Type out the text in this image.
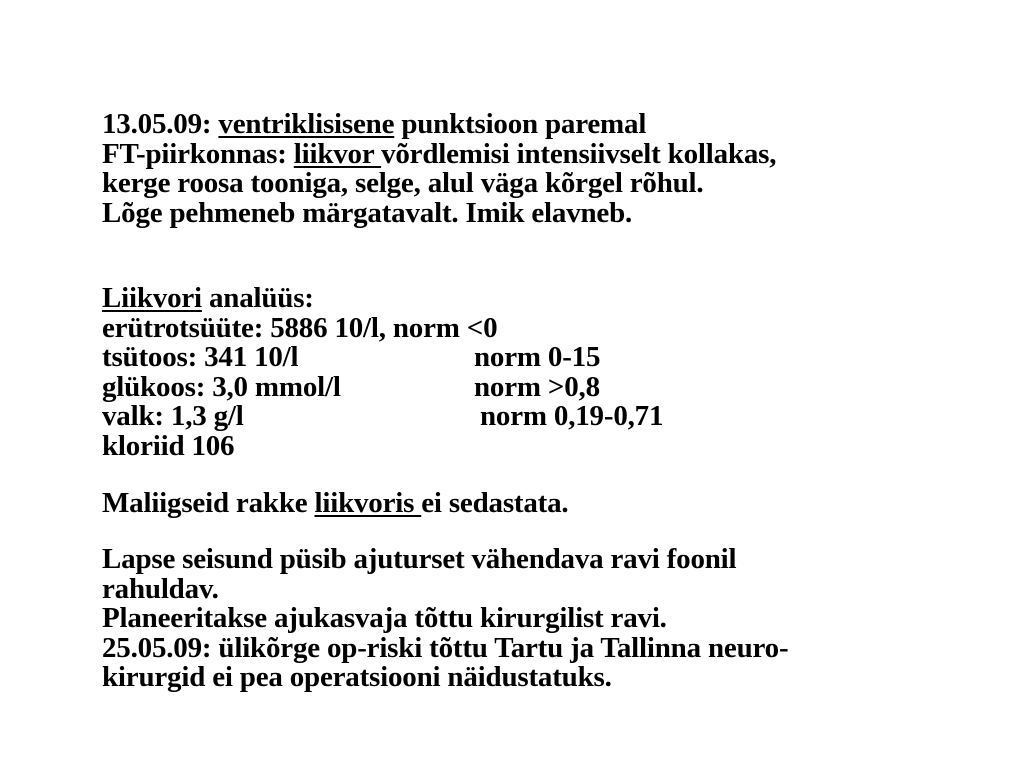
13.05.09: ventriklisisene punktsioon paremal
FT-piirkonnas: liikvor võrdlemisi intensiivselt kollakas,
kerge roosa tooniga, selge, alul väga kõrgel rõhul.
Lõge pehmeneb märgatavalt. Imik elavneb.
Liikvori analüüs:
erütrotsüüte: 5886 10/l, norm <0
tsütoos: 341 10/l	norm 0-15
glükoos: 3,0 mmol/l	norm >0,8
valk: 1,3 g/l	norm 0,19-0,71
kloriid 106
Maliigseid rakke liikvoris ei sedastata.
Lapse seisund püsib ajuturset vähendava ravi foonil
rahuldav.
Planeeritakse ajukasvaja tõttu kirurgilist ravi.
25.05.09: ülikõrge op-riski tõttu Tartu ja Tallinna neuro-
kirurgid ei pea operatsiooni näidustatuks.
